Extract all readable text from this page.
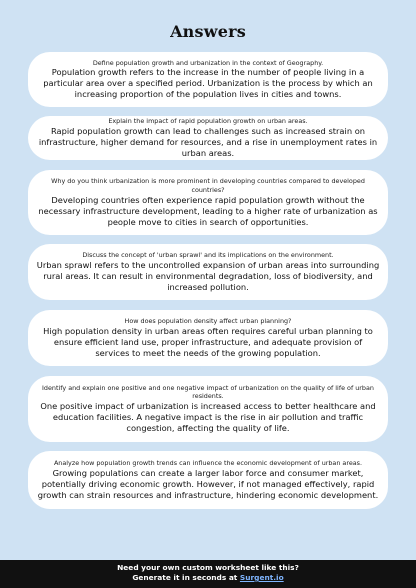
Answers
Define population growth and urbanization in the context of Geography.
Population growth refers to the increase in the number of people living in a particular area over a specified period. Urbanization is the process by which an increasing proportion of the population lives in cities and towns.
Explain the impact of rapid population growth on urban areas.
Rapid population growth can lead to challenges such as increased strain on infrastructure, higher demand for resources, and a rise in unemployment rates in urban areas.
Why do you think urbanization is more prominent in developing countries compared to developed countries?
Developing countries often experience rapid population growth without the necessary infrastructure development, leading to a higher rate of urbanization as people move to cities in search of opportunities.
Discuss the concept of 'urban sprawl' and its implications on the environment.
Urban sprawl refers to the uncontrolled expansion of urban areas into surrounding rural areas. It can result in environmental degradation, loss of biodiversity, and increased pollution.
How does population density affect urban planning?
High population density in urban areas often requires careful urban planning to ensure efficient land use, proper infrastructure, and adequate provision of services to meet the needs of the growing population.
Identify and explain one positive and one negative impact of urbanization on the quality of life of urban residents.
One positive impact of urbanization is increased access to better healthcare and education facilities. A negative impact is the rise in air pollution and traffic congestion, affecting the quality of life.
Analyze how population growth trends can influence the economic development of urban areas.
Growing populations can create a larger labor force and consumer market, potentially driving economic growth. However, if not managed effectively, rapid growth can strain resources and infrastructure, hindering economic development.
Need your own custom worksheet like this?
Generate it in seconds at Surgent.io
